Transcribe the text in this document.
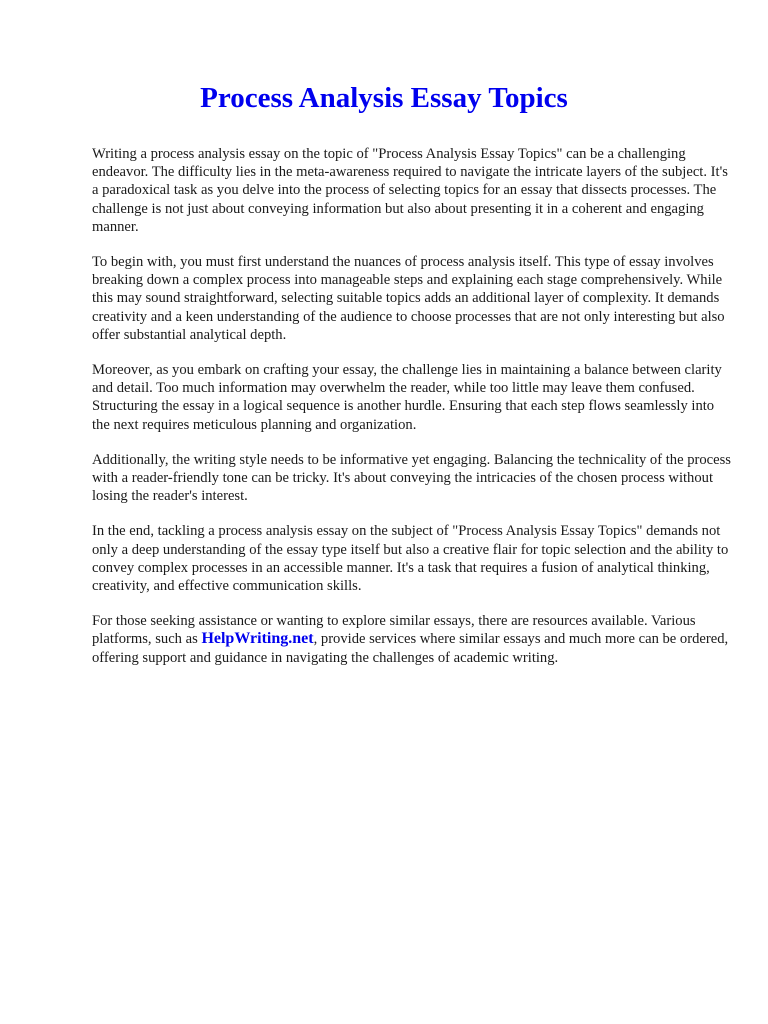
Process Analysis Essay Topics

Writing a process analysis essay on the topic of "Process Analysis Essay Topics" can be a challenging endeavor. The difficulty lies in the meta-awareness required to navigate the intricate layers of the subject. It's a paradoxical task as you delve into the process of selecting topics for an essay that dissects processes. The challenge is not just about conveying information but also about presenting it in a coherent and engaging manner.

To begin with, you must first understand the nuances of process analysis itself. This type of essay involves breaking down a complex process into manageable steps and explaining each stage comprehensively. While this may sound straightforward, selecting suitable topics adds an additional layer of complexity. It demands creativity and a keen understanding of the audience to choose processes that are not only interesting but also offer substantial analytical depth.

Moreover, as you embark on crafting your essay, the challenge lies in maintaining a balance between clarity and detail. Too much information may overwhelm the reader, while too little may leave them confused. Structuring the essay in a logical sequence is another hurdle. Ensuring that each step flows seamlessly into the next requires meticulous planning and organization.

Additionally, the writing style needs to be informative yet engaging. Balancing the technicality of the process with a reader-friendly tone can be tricky. It's about conveying the intricacies of the chosen process without losing the reader's interest.

In the end, tackling a process analysis essay on the subject of "Process Analysis Essay Topics" demands not only a deep understanding of the essay type itself but also a creative flair for topic selection and the ability to convey complex processes in an accessible manner. It's a task that requires a fusion of analytical thinking, creativity, and effective communication skills.

For those seeking assistance or wanting to explore similar essays, there are resources available. Various platforms, such as HelpWriting.net, provide services where similar essays and much more can be ordered, offering support and guidance in navigating the challenges of academic writing.
